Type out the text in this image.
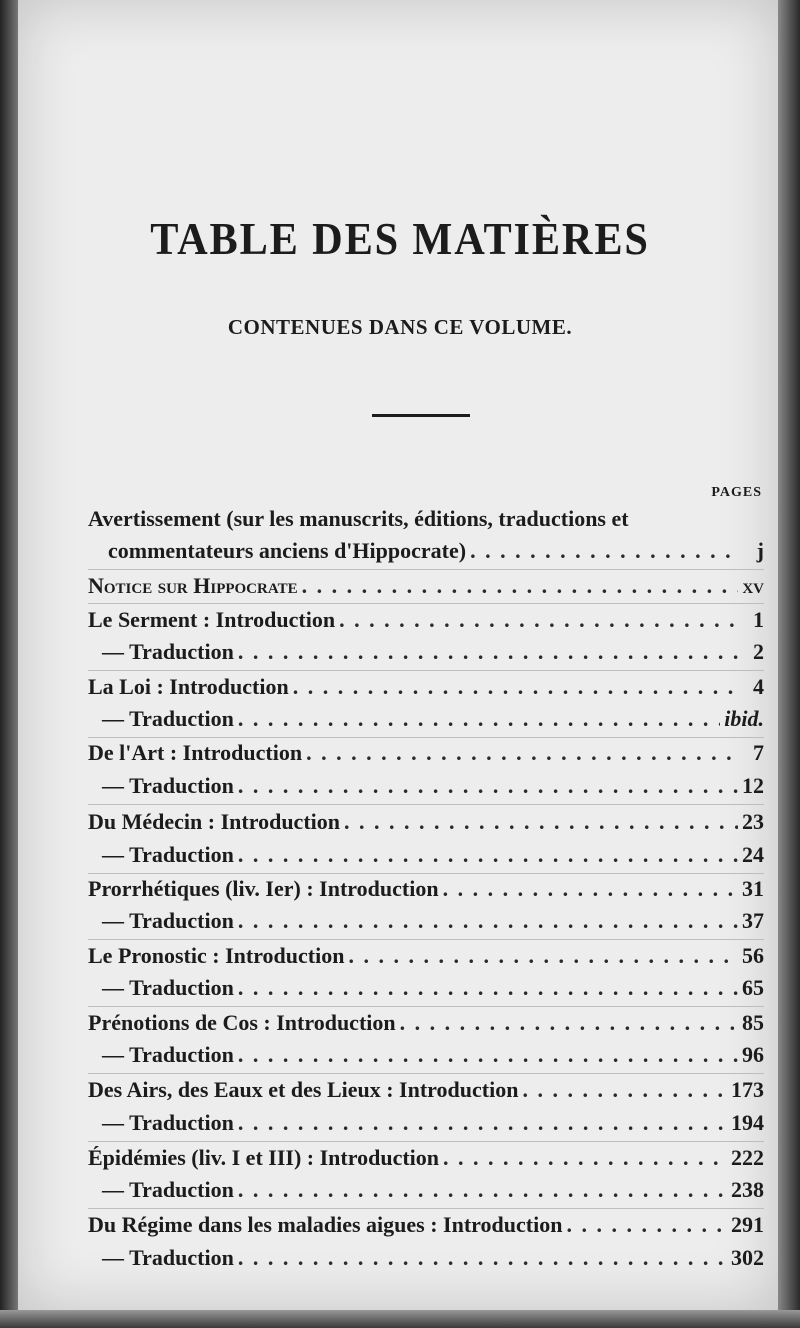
TABLE DES MATIÈRES
CONTENUES DANS CE VOLUME.
PAGES
Avertissement (sur les manuscrits, éditions, traductions et
commentateurs anciens d'Hippocrate) . . .	j
Notice sur Hippocrate . . .	xv
Le Serment : Introduction . . .	1
— Traduction . . .	2
La Loi : Introduction . . .	4
— Traduction . . .	ibid.
De l'Art : Introduction . . .	7
— Traduction . . .	12
Du Médecin : Introduction . . .	23
— Traduction . . .	24
Prorrhétiques (liv. Ier) : Introduction . . .	31
— Traduction . . .	37
Le Pronostic : Introduction . . .	56
— Traduction . . .	65
Prénotions de Cos : Introduction . . .	85
— Traduction . . .	96
Des Airs, des Eaux et des Lieux : Introduction . . .	173
— Traduction . . .	194
Épidémies (liv. I et III) : Introduction . . .	222
— Traduction . . .	238
Du Régime dans les maladies aigues : Introduction . . .	291
— Traduction . . .	302
